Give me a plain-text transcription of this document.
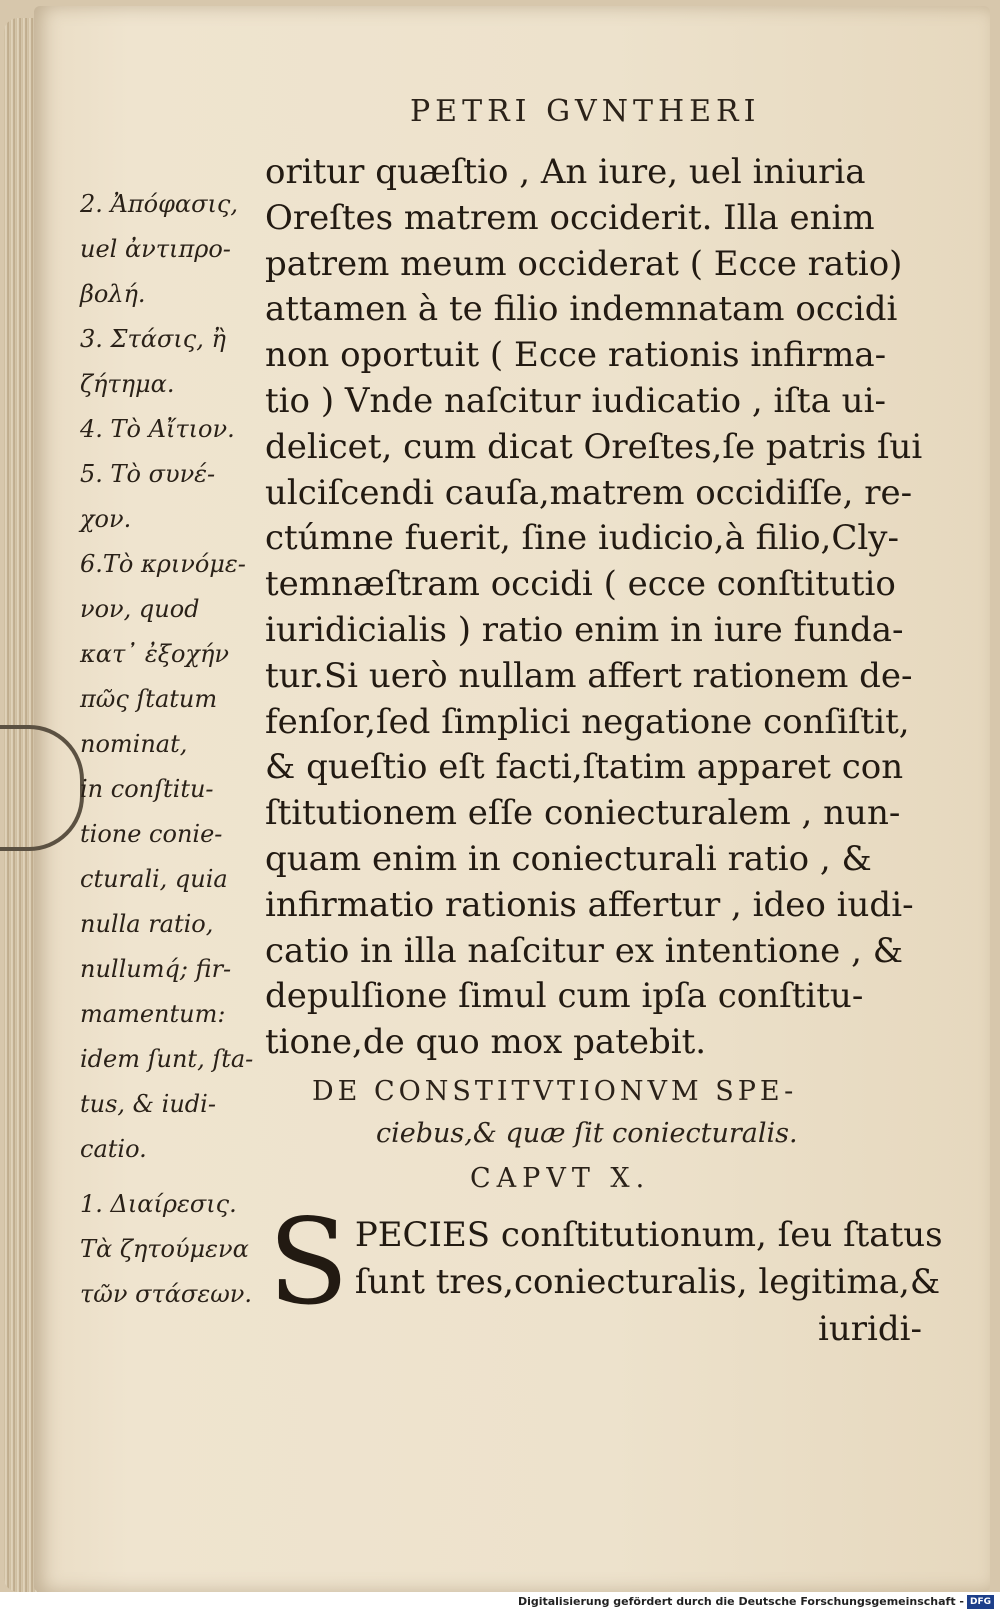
PETRI GVNTHERI

2. Ἀπόφασις,
uel ἀντιπρο-
βολή.
3. Στάσις, ἢ
ζήτημα.
4. Τὸ Αἴτιον.
5. Τὸ συνέ-
χον.
6.Τὸ κρινόμε-
νον, quod
κατ᾽ ἐξοχήν
πῶς ſtatum
nominat,
in conſtitu-
tione conie-
cturali, quia
nulla ratio,
nullumq́; fir-
mamentum:
idem ſunt, ſta-
tus, & iudi-
catio.
oritur quæſtio , An iure, uel iniuria
Oreſtes matrem occiderit. Illa enim
patrem meum occiderat ( Ecce ratio)
attamen à te filio indemnatam occidi
non oportuit ( Ecce rationis infirma-
tio ) Vnde naſcitur iudicatio , iſta ui-
delicet, cum dicat Oreſtes,ſe patris ſui
ulciſcendi cauſa,matrem occidiſſe, re-
ctúmne fuerit, ſine iudicio,à filio,Cly-
temnæſtram occidi ( ecce conſtitutio
iuridicialis ) ratio enim in iure funda-
tur.Si uerò nullam affert rationem de-
fenſor,ſed ſimplici negatione conſiſtit,
& queſtio eſt facti,ſtatim apparet con
ſtitutionem eſſe coniecturalem , nun-
quam enim in coniecturali ratio , &
infirmatio rationis affertur , ideo iudi-
catio in illa naſcitur ex intentione , &
depulſione ſimul cum ipſa conſtitu-
tione,de quo mox patebit.

DE CONSTITVTIONVM SPE-

ciebus,& quæ ſit coniecturalis.

CAPVT X.

S PECIES conſtitutionum, ſeu ſtatus
ſunt tres,coniecturalis, legitima,&
iuridi-
1. Διαίρεσις.
Τὰ ζητούμενα
τῶν στάσεων.
Digitalisierung gefördert durch die Deutsche Forschungsgemeinschaft - DFG
